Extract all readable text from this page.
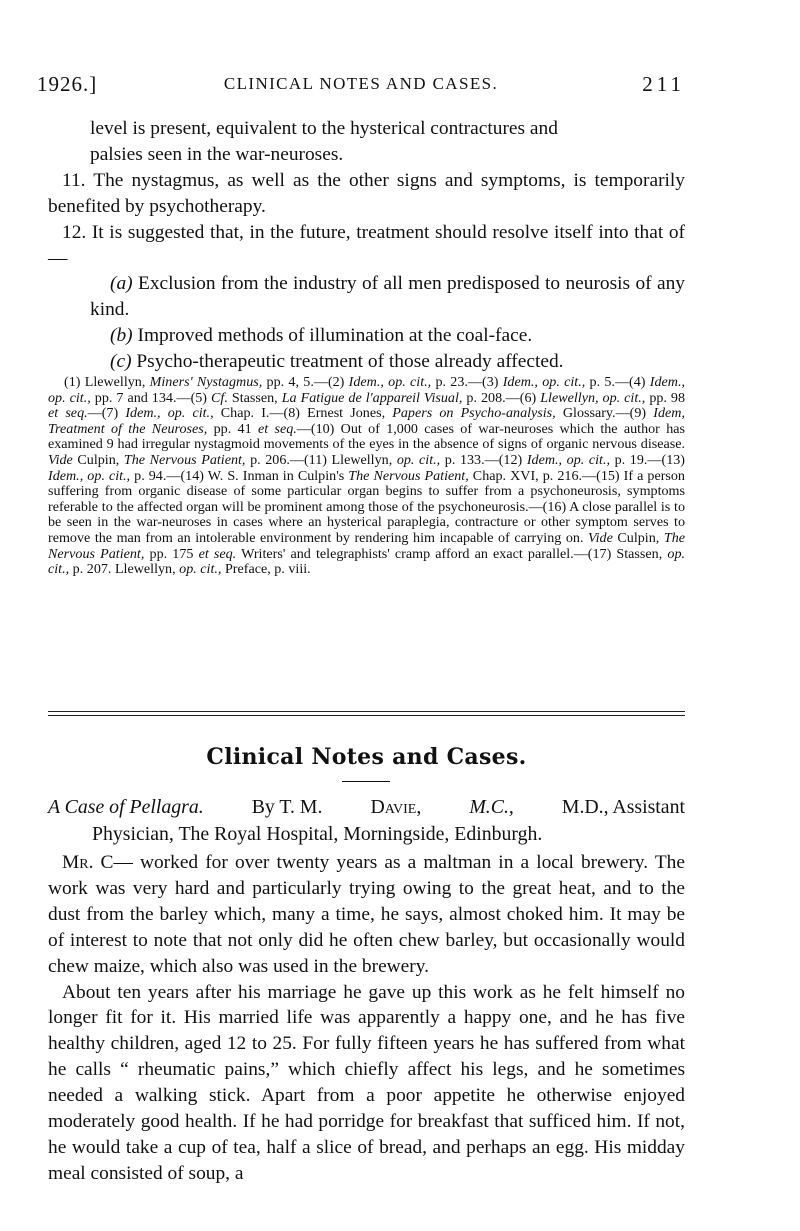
1926.]	CLINICAL NOTES AND CASES.	211

level is present, equivalent to the hysterical contractures and

palsies seen in the war-neuroses.

11. The nystagmus, as well as the other signs and symptoms, is temporarily benefited by psychotherapy.

12. It is suggested that, in the future, treatment should resolve itself into that of—

(a) Exclusion from the industry of all men predisposed to neurosis of any kind.

(b) Improved methods of illumination at the coal-face.

(c) Psycho-therapeutic treatment of those already affected.

(1) Llewellyn, Miners' Nystagmus, pp. 4, 5.—(2) Idem., op. cit., p. 23.—(3) Idem., op. cit., p. 5.—(4) Idem., op. cit., pp. 7 and 134.—(5) Cf. Stassen, La Fatigue de l'appareil Visual, p. 208.—(6) Llewellyn, op. cit., pp. 98 et seq.—(7) Idem., op. cit., Chap. I.—(8) Ernest Jones, Papers on Psycho-analysis, Glossary.—(9) Idem, Treatment of the Neuroses, pp. 41 et seq.—(10) Out of 1,000 cases of war-neuroses which the author has examined 9 had irregular nystagmoid movements of the eyes in the absence of signs of organic nervous disease. Vide Culpin, The Nervous Patient, p. 206.—(11) Llewellyn, op. cit., p. 133.—(12) Idem., op. cit., p. 19.—(13) Idem., op. cit., p. 94.—(14) W. S. Inman in Culpin's The Nervous Patient, Chap. XVI, p. 216.—(15) If a person suffering from organic disease of some particular organ begins to suffer from a psychoneurosis, symptoms referable to the affected organ will be prominent among those of the psychoneurosis.—(16) A close parallel is to be seen in the war-neuroses in cases where an hysterical paraplegia, contracture or other symptom serves to remove the man from an intolerable environment by rendering him incapable of carrying on. Vide Culpin, The Nervous Patient, pp. 175 et seq. Writers' and telegraphists' cramp afford an exact parallel.—(17) Stassen, op. cit., p. 207. Llewellyn, op. cit., Preface, p. viii.

Clinical Notes and Cases.
A Case of Pellagra. By T. M. Davie, M.C., M.D., Assistant
Physician, The Royal Hospital, Morningside, Edinburgh.

Mr. C— worked for over twenty years as a maltman in a local brewery. The work was very hard and particularly trying owing to the great heat, and to the dust from the barley which, many a time, he says, almost choked him. It may be of interest to note that not only did he often chew barley, but occasionally would chew maize, which also was used in the brewery.

About ten years after his marriage he gave up this work as he felt himself no longer fit for it. His married life was apparently a happy one, and he has five healthy children, aged 12 to 25. For fully fifteen years he has suffered from what he calls “ rheumatic pains,” which chiefly affect his legs, and he sometimes needed a walking stick. Apart from a poor appetite he otherwise enjoyed moderately good health. If he had porridge for breakfast that sufficed him. If not, he would take a cup of tea, half a slice of bread, and perhaps an egg. His midday meal consisted of soup, a
